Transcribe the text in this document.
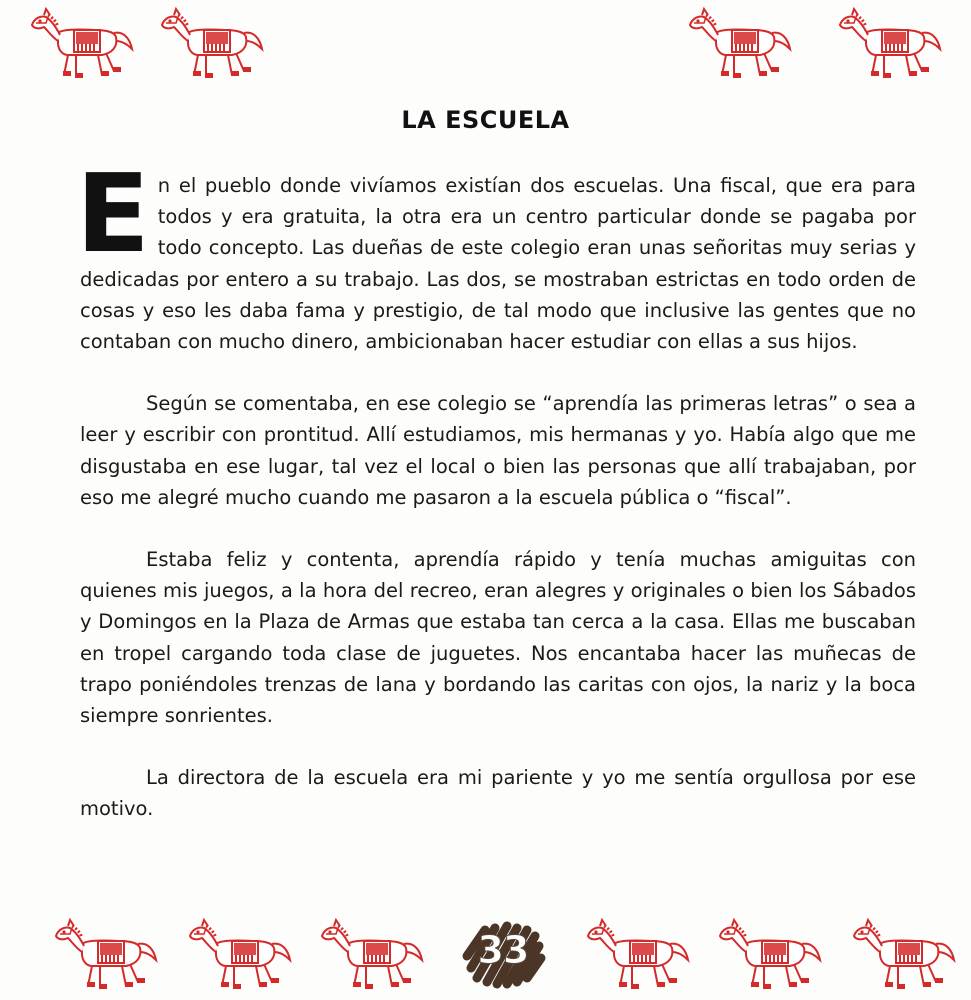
LA ESCUELA

En el pueblo donde vivíamos existían dos escuelas. Una fiscal, que era para todos y era gratuita, la otra era un centro particular donde se pagaba por todo concepto. Las dueñas de este colegio eran unas señoritas muy serias y dedicadas por entero a su trabajo. Las dos, se mostraban estrictas en todo orden de cosas y eso les daba fama y prestigio, de tal modo que inclusive las gentes que no contaban con mucho dinero, ambicionaban hacer estudiar con ellas a sus hijos.

Según se comentaba, en ese colegio se “aprendía las primeras letras” o sea a leer y escribir con prontitud. Allí estudiamos, mis hermanas y yo. Había algo que me disgustaba en ese lugar, tal vez el local o bien las personas que allí trabajaban, por eso me alegré mucho cuando me pasaron a la escuela pública o “fiscal”.

Estaba feliz y contenta, aprendía rápido y tenía muchas amiguitas con quienes mis juegos, a la hora del recreo, eran alegres y originales o bien los Sábados y Domingos en la Plaza de Armas que estaba tan cerca a la casa. Ellas me buscaban en tropel cargando toda clase de juguetes. Nos encantaba hacer las muñecas de trapo poniéndoles trenzas de lana y bordando las caritas con ojos, la nariz y la boca siempre sonrientes.

La directora de la escuela era mi pariente y yo me sentía orgullosa por ese motivo.

33
